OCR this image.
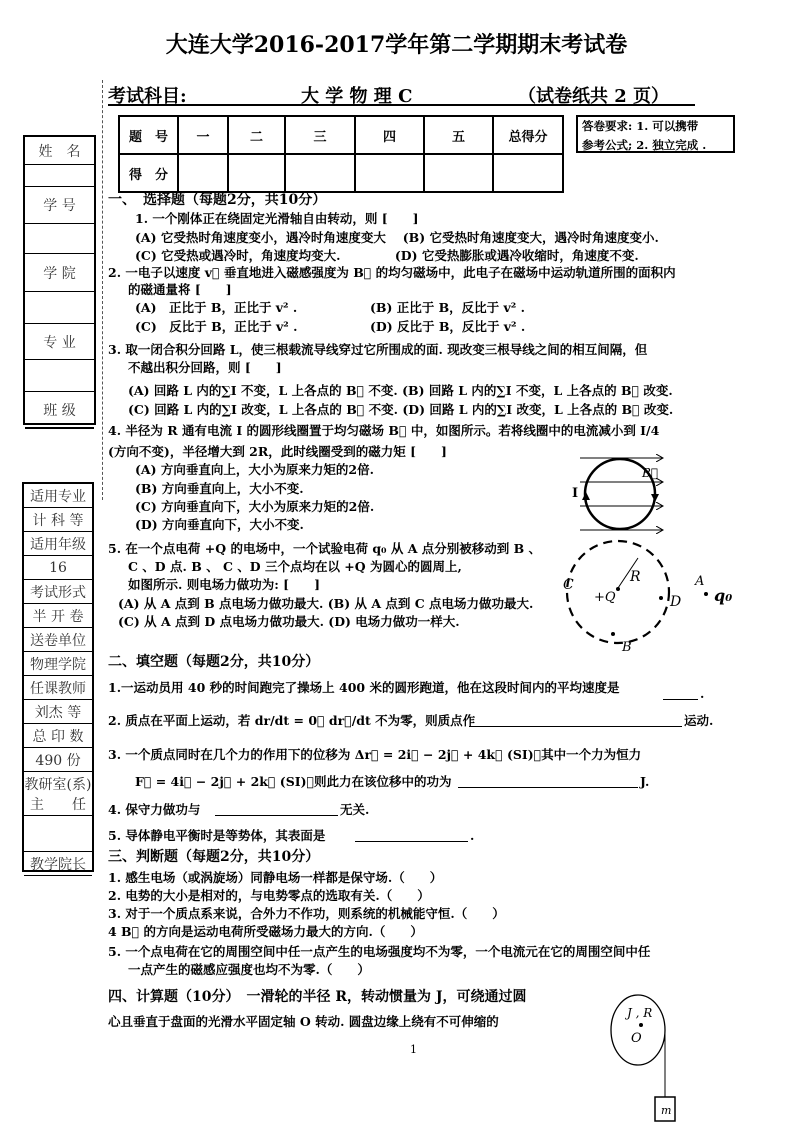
大连大学2016-2017学年第二学期期末考试卷
考试科目:	大 学 物 理 C	（试卷纸共 2 页）
题　号	一	二	三	四	五	总得分
得　分						
答卷要求: 1. 可以携带
参考公式; 2. 独立完成 .
姓　名
学 号
学 院
专 业
班 级
适用专业
计 科 等
适用年级
16
考试形式
半 开 卷
送卷单位
物理学院
任课教师
刘杰 等
总 印 数
490 份
教研室(系)主　　任
教学院长
一、　选择题（每题2分，共10分）
1. 一个刚体正在绕固定光滑轴自由转动，则 [　　]
(A) 它受热时角速度变小，遇冷时角速度变大　 (B) 它受热时角速度变大，遇冷时角速度变小.
(C) 它受热或遇冷时，角速度均变大.　　　　 (D) 它受热膨胀或遇冷收缩时，角速度不变.
2. 一电子以速度 v⃗ 垂直地进入磁感强度为 B⃗ 的均匀磁场中，此电子在磁场中运动轨道所围的面积内
的磁通量将 [　　]
(A)　正比于 B，正比于 v² .	(B) 正比于 B，反比于 v² .
(C)　反比于 B，正比于 v² .	(D) 反比于 B，反比于 v² .
3. 取一闭合积分回路 L，使三根载流导线穿过它所围成的面. 现改变三根导线之间的相互间隔，但
不越出积分回路，则 [　　]
(A) 回路 L 内的∑I 不变，L 上各点的 B⃗ 不变. (B) 回路 L 内的∑I 不变，L 上各点的 B⃗ 改变.
(C) 回路 L 内的∑I 改变，L 上各点的 B⃗ 不变. (D) 回路 L 内的∑I 改变，L 上各点的 B⃗ 改变.
4. 半径为 R 通有电流 I 的圆形线圈置于均匀磁场 B⃗ 中，如图所示。若将线圈中的电流减小到 I/4
(方向不变)，半径增大到 2R，此时线圈受到的磁力矩 [　　]
(A) 方向垂直向上，大小为原来力矩的2倍.
(B) 方向垂直向上，大小不变.
(C) 方向垂直向下，大小为原来力矩的2倍.
(D) 方向垂直向下，大小不变.
5. 在一个点电荷 +Q 的电场中，一个试验电荷 q₀ 从 A 点分别被移动到 B 、
C 、D 点. B 、 C 、D 三个点均在以 +Q 为圆心的圆周上,
如图所示. 则电场力做功为: [　　]
(A) 从 A 点到 B 点电场力做功最大. (B) 从 A 点到 C 点电场力做功最大.
(C) 从 A 点到 D 点电场力做功最大. (D) 电场力做功一样大.
二、填空题（每题2分，共10分）
1.一运动员用 40 秒的时间跑完了操场上 400 米的圆形跑道，他在这段时间内的平均速度是
2. 质点在平面上运动，若 dr/dt = 0， dr⃗/dt 不为零，则质点作
3. 一个质点同时在几个力的作用下的位移为 Δr⃗ = 2i⃗ − 2j⃗ + 4k⃗ (SI)，其中一个力为恒力
F⃗ = 4i⃗ − 2j⃗ + 2k⃗ (SI)，则此力在该位移中的功为
4. 保守力做功与
5. 导体静电平衡时是等势体，其表面是
三、判断题（每题2分，共10分）
1. 感生电场（或涡旋场）同静电场一样都是保守场.（　　）
2. 电势的大小是相对的，与电势零点的选取有关.（　　）
3. 对于一个质点系来说，合外力不作功，则系统的机械能守恒.（　　）
4 B⃗ 的方向是运动电荷所受磁场力最大的方向.（　　）
5. 一个点电荷在它的周围空间中任一点产生的电场强度均不为零，一个电流元在它的周围空间中任
一点产生的磁感应强度也均不为零.（　　）
四、计算题（10分）　一滑轮的半径 R，转动惯量为 J，可绕通过圆
心且垂直于盘面的光滑水平固定轴 O 转动. 圆盘边缘上绕有不可伸缩的
.
运动.
J.
无关.
.
B⃗
I
C
+Q
R
D
A
q₀
B
J , R
O
m
1
